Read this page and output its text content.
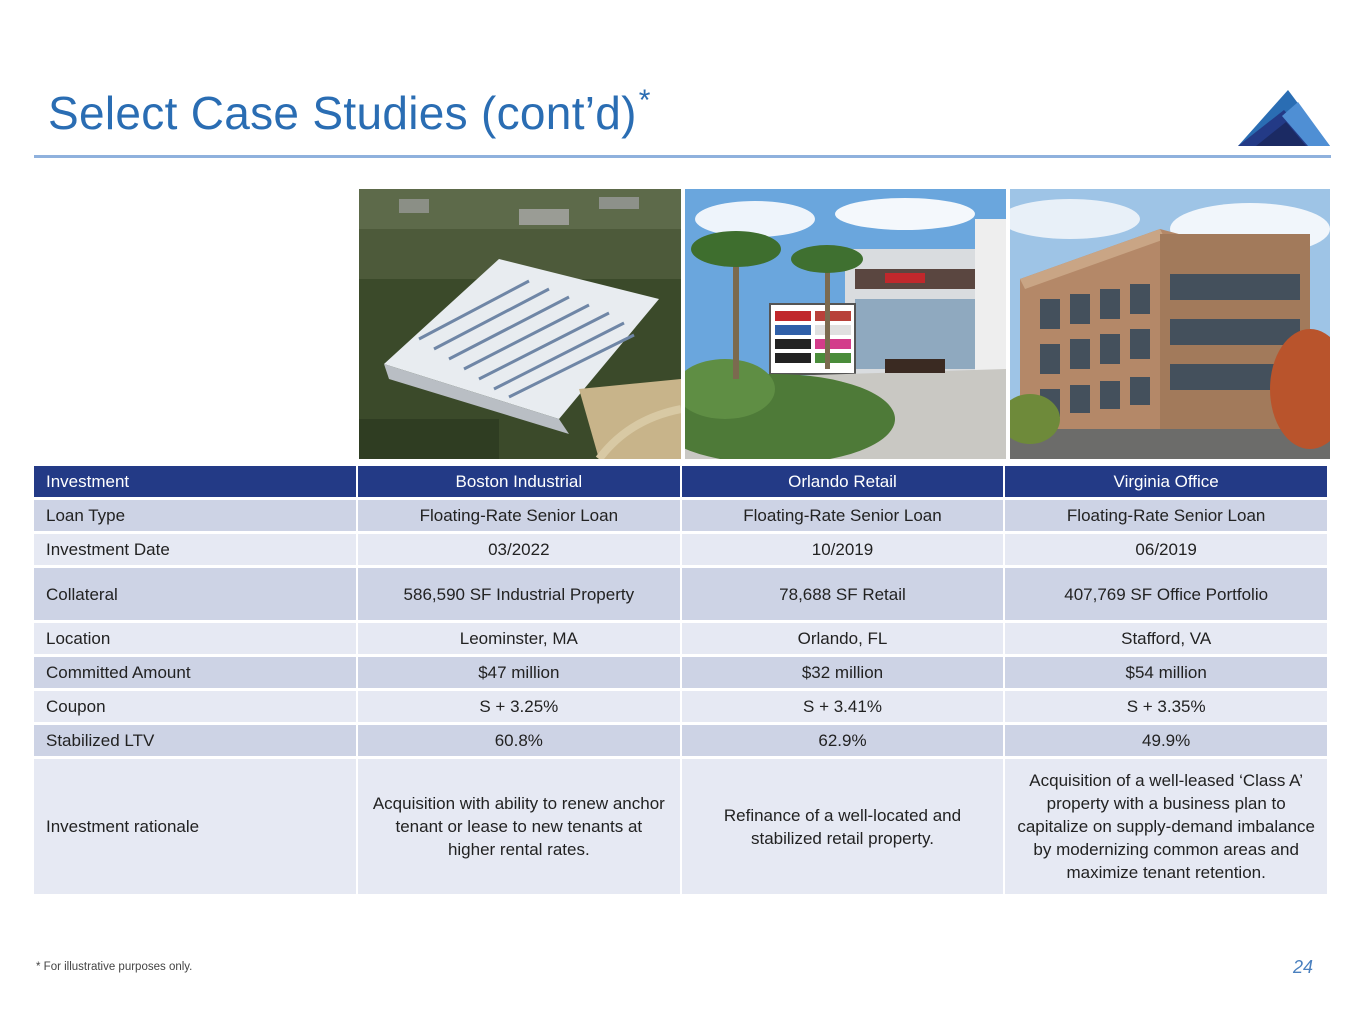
Select Case Studies (cont’d)*
Investment	Boston Industrial	Orlando Retail	Virginia Office
Loan Type	Floating-Rate Senior Loan	Floating-Rate Senior Loan	Floating-Rate Senior Loan
Investment Date	03/2022	10/2019	06/2019
Collateral	586,590 SF Industrial Property	78,688 SF Retail	407,769 SF Office Portfolio
Location	Leominster, MA	Orlando, FL	Stafford, VA
Committed Amount	$47 million	$32 million	$54 million
Coupon	S + 3.25%	S + 3.41%	S + 3.35%
Stabilized LTV	60.8%	62.9%	49.9%
Investment rationale	Acquisition with ability to renew anchor tenant or lease to new tenants at higher rental rates.	Refinance of a well-located and stabilized retail property.	Acquisition of a well-leased ‘Class A’ property with a business plan to capitalize on supply-demand imbalance by modernizing common areas and maximize tenant retention.
* For illustrative purposes only.	24
